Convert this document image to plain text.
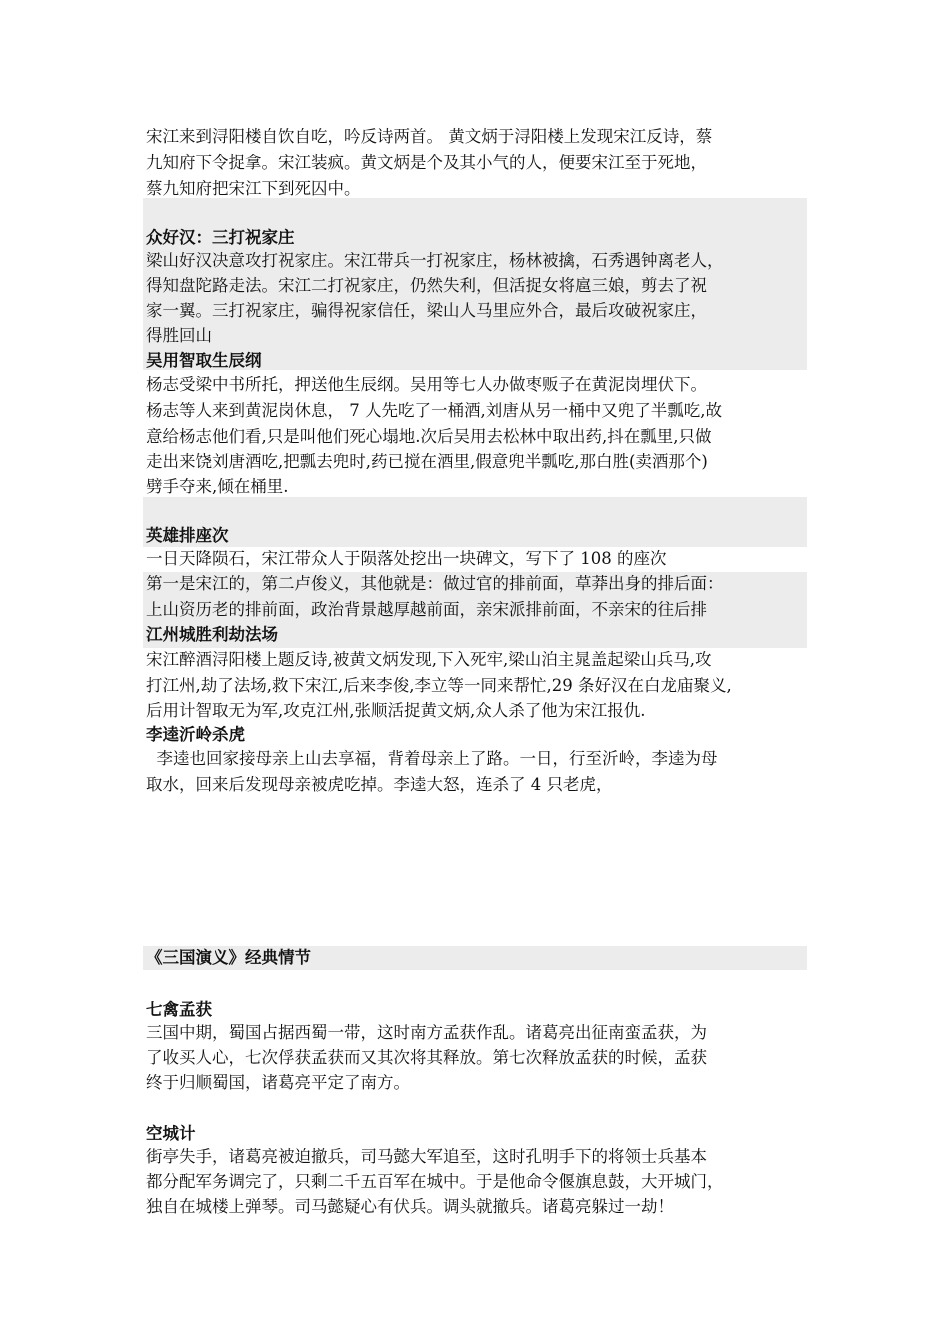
宋江来到浔阳楼自饮自吃，吟反诗两首。 黄文炳于浔阳楼上发现宋江反诗，蔡
九知府下令捉拿。宋江装疯。黄文炳是个及其小气的人，便要宋江至于死地，
蔡九知府把宋江下到死囚中。
众好汉：三打祝家庄
梁山好汉决意攻打祝家庄。宋江带兵一打祝家庄，杨林被擒，石秀遇钟离老人，
得知盘陀路走法。宋江二打祝家庄，仍然失利，但活捉女将扈三娘，剪去了祝
家一翼。三打祝家庄，骗得祝家信任，梁山人马里应外合，最后攻破祝家庄，
得胜回山
吴用智取生辰纲
杨志受梁中书所托，押送他生辰纲。吴用等七人办做枣贩子在黄泥岗埋伏下。
杨志等人来到黄泥岗休息， 7 人先吃了一桶酒,刘唐从另一桶中又兜了半瓢吃,故
意给杨志他们看,只是叫他们死心塌地.次后吴用去松林中取出药,抖在瓢里,只做
走出来饶刘唐酒吃,把瓢去兜时,药已搅在酒里,假意兜半瓢吃,那白胜(卖酒那个)
劈手夺来,倾在桶里.
英雄排座次
一日天降陨石，宋江带众人于陨落处挖出一块碑文，写下了 108 的座次
第一是宋江的，第二卢俊义，其他就是：做过官的排前面，草莽出身的排后面：
上山资历老的排前面，政治背景越厚越前面，亲宋派排前面，不亲宋的往后排
江州城胜利劫法场
宋江醉酒浔阳楼上题反诗,被黄文炳发现,下入死牢,梁山泊主晁盖起梁山兵马,攻
打江州,劫了法场,救下宋江,后来李俊,李立等一同来帮忙,29 条好汉在白龙庙聚义,
后用计智取无为军,攻克江州,张顺活捉黄文炳,众人杀了他为宋江报仇.
李逵沂岭杀虎
李逵也回家接母亲上山去享福，背着母亲上了路。一日，行至沂岭，李逵为母
取水，回来后发现母亲被虎吃掉。李逵大怒，连杀了 4 只老虎，
《三国演义》经典情节
七禽孟获
三国中期，蜀国占据西蜀一带，这时南方孟获作乱。诸葛亮出征南蛮孟获，为
了收买人心，七次俘获孟获而又其次将其释放。第七次释放孟获的时候，孟获
终于归顺蜀国，诸葛亮平定了南方。
空城计
街亭失手，诸葛亮被迫撤兵，司马懿大军追至，这时孔明手下的将领士兵基本
都分配军务调完了，只剩二千五百军在城中。于是他命令偃旗息鼓，大开城门，
独自在城楼上弹琴。司马懿疑心有伏兵。调头就撤兵。诸葛亮躲过一劫！
